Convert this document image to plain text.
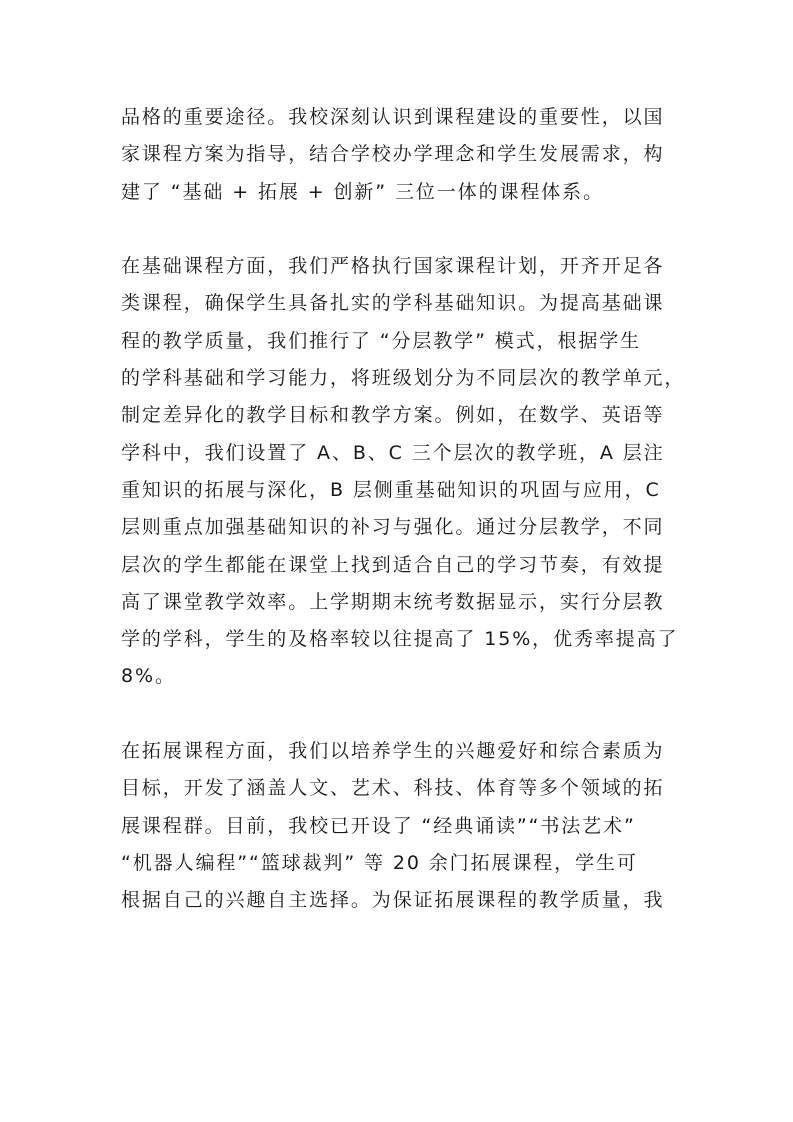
品格的重要途径。我校深刻认识到课程建设的重要性，以国
家课程方案为指导，结合学校办学理念和学生发展需求，构
建了 “基础 + 拓展 + 创新” 三位一体的课程体系。

在基础课程方面，我们严格执行国家课程计划，开齐开足各
类课程，确保学生具备扎实的学科基础知识。为提高基础课
程的教学质量，我们推行了 “分层教学” 模式，根据学生
的学科基础和学习能力，将班级划分为不同层次的教学单元，
制定差异化的教学目标和教学方案。例如，在数学、英语等
学科中，我们设置了 A、B、C 三个层次的教学班，A 层注
重知识的拓展与深化，B 层侧重基础知识的巩固与应用，C
层则重点加强基础知识的补习与强化。通过分层教学，不同
层次的学生都能在课堂上找到适合自己的学习节奏，有效提
高了课堂教学效率。上学期期末统考数据显示，实行分层教
学的学科，学生的及格率较以往提高了 15%，优秀率提高了
8%。

在拓展课程方面，我们以培养学生的兴趣爱好和综合素质为
目标，开发了涵盖人文、艺术、科技、体育等多个领域的拓
展课程群。目前，我校已开设了 “经典诵读”“书法艺术”
“机器人编程”“篮球裁判” 等 20 余门拓展课程，学生可
根据自己的兴趣自主选择。为保证拓展课程的教学质量，我
